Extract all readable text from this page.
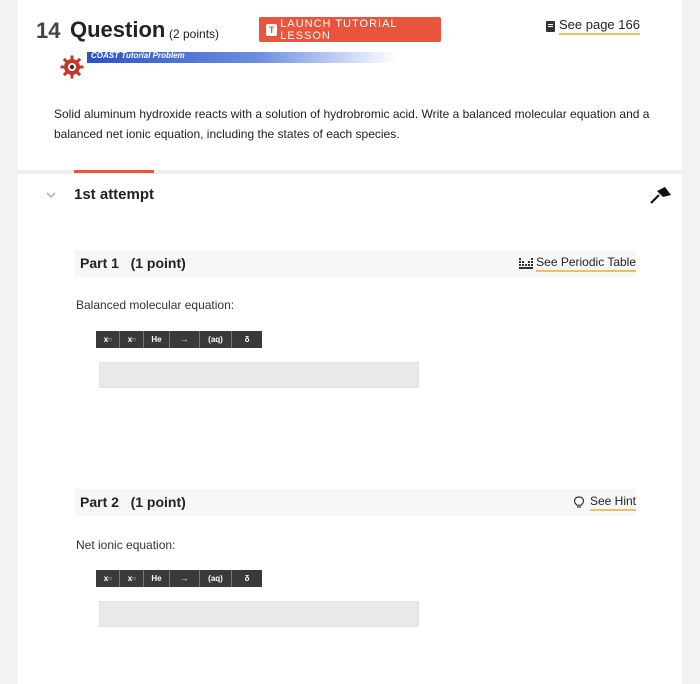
14 Question (2 points)	T LAUNCH TUTORIAL LESSON
See page 166
COAST Tutorial Problem
Solid aluminum hydroxide reacts with a solution of hydrobromic acid. Write a balanced molecular equation and a balanced net ionic equation, including the states of each species.
1st attempt
Part 1   (1 point)	See Periodic Table
Balanced molecular equation:
x □ x □	He	→	(aq)	δ
Part 2   (1 point)	See Hint
Net ionic equation:
x □ x □	He	→	(aq)	δ
